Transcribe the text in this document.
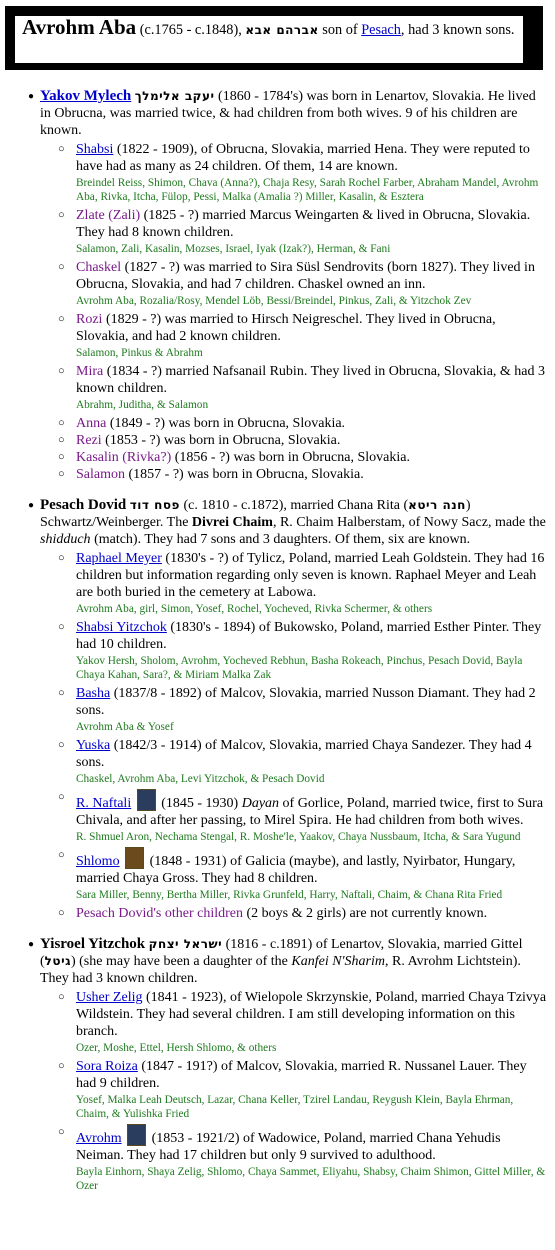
Avrohm Aba (c.1765 - c.1848), אברהם אבא son of Pesach, had 3 known sons.
● Yakov Mylech יעקב אלימלך (1784 - 1860's) was born in Lenartov, Slovakia. He lived in Obrucna, was married twice, & had children from both wives. 9 of his children are known.
○ Shabsi (1822 - 1909), of Obrucna, Slovakia, married Hena. They were reputed to have had as many as 24 children. Of them, 14 are known.
Breindel Reiss, Shimon, Chava (Anna?), Chaja Resy, Sarah Rochel Farber, Abraham Mandel, Avrohm Aba, Rivka, Itcha, Fülop, Pessi, Malka (Amalia ?) Miller, Kasalin, & Esztera
○ Zlate (Zali) (1825 - ?) married Marcus Weingarten & lived in Obrucna, Slovakia. They had 8 known children.
Salamon, Zali, Kasalin, Mozses, Israel, Iyak (Izak?), Herman, & Fani
○ Chaskel (1827 - ?) was married to Sira Süsl Sendrovits (born 1827). They lived in Obrucna, Slovakia, and had 7 children. Chaskel owned an inn.
Avrohm Aba, Rozalia/Rosy, Mendel Löb, Bessi/Breindel, Pinkus, Zali, & Yitzchok Zev
○ Rozi (1829 - ?) was married to Hirsch Neigreschel. They lived in Obrucna, Slovakia, and had 2 known children.
Salamon, Pinkus & Abrahm
○ Mira (1834 - ?) married Nafsanail Rubin. They lived in Obrucna, Slovakia, & had 3 known children.
Abrahm, Juditha, & Salamon
○ Anna (1849 - ?) was born in Obrucna, Slovakia.
○ Rezi (1853 - ?) was born in Obrucna, Slovakia.
○ Kasalin (Rivka?) (1856 - ?) was born in Obrucna, Slovakia.
○ Salamon (1857 - ?) was born in Obrucna, Slovakia.
● Pesach Dovid פסח דוד (c. 1810 - c.1872), married Chana Rita (חנה ריטא) Schwartz/Weinberger. The Divrei Chaim, R. Chaim Halberstam, of Nowy Sacz, made the shidduch (match). They had 7 sons and 3 daughters. Of them, six are known.
○ Raphael Meyer (1830's - ?) of Tylicz, Poland, married Leah Goldstein. They had 16 children but information regarding only seven is known. Raphael Meyer and Leah are both buried in the cemetery at Labowa.
Avrohm Aba, girl, Simon, Yosef, Rochel, Yocheved, Rivka Schermer, & others
○ Shabsi Yitzchok (1830's - 1894) of Bukowsko, Poland, married Esther Pinter. They had 10 children.
Yakov Hersh, Sholom, Avrohm, Yocheved Rebhun, Basha Rokeach, Pinchus, Pesach Dovid, Bayla Chaya Kahan, Sara?, & Miriam Malka Zak
○ Basha (1837/8 - 1892) of Malcov, Slovakia, married Nusson Diamant. They had 2 sons.
Avrohm Aba & Yosef
○ Yuska (1842/3 - 1914) of Malcov, Slovakia, married Chaya Sandezer. They had 4 sons.
Chaskel, Avrohm Aba, Levi Yitzchok, & Pesach Dovid
○ R. Naftali  (1845 - 1930) Dayan of Gorlice, Poland, married twice, first to Sura Chivala, and after her passing, to Mirel Spira. He had children from both wives.
R. Shmuel Aron, Nechama Stengal, R. Moshe'le, Yaakov, Chaya Nussbaum, Itcha, & Sara Yugund
○ Shlomo  (1848 - 1931) of Galicia (maybe), and lastly, Nyirbator, Hungary, married Chaya Gross. They had 8 children.
Sara Miller, Benny, Bertha Miller, Rivka Grunfeld, Harry, Naftali, Chaim, & Chana Rita Fried
○ Pesach Dovid's other children (2 boys & 2 girls) are not currently known.
● Yisroel Yitzchok ישראל יצחק (1816 - c.1891) of Lenartov, Slovakia, married Gittel (גיטל) (she may have been a daughter of the Kanfei N'Sharim, R. Avrohm Lichtstein). They had 3 known children.
○ Usher Zelig (1841 - 1923), of Wielopole Skrzynskie, Poland, married Chaya Tzivya Wildstein. They had several children. I am still developing information on this branch.
Ozer, Moshe, Ettel, Hersh Shlomo, & others
○ Sora Roiza (1847 - 191?) of Malcov, Slovakia, married R. Nussanel Lauer. They had 9 children.
Yosef, Malka Leah Deutsch, Lazar, Chana Keller, Tzirel Landau, Reygush Klein, Bayla Ehrman, Chaim, & Yulishka Fried
○ Avrohm  (1853 - 1921/2) of Wadowice, Poland, married Chana Yehudis Neiman. They had 17 children but only 9 survived to adulthood.
Bayla Einhorn, Shaya Zelig, Shlomo, Chaya Sammet, Eliyahu, Shabsy, Chaim Shimon, Gittel Miller, & Ozer
